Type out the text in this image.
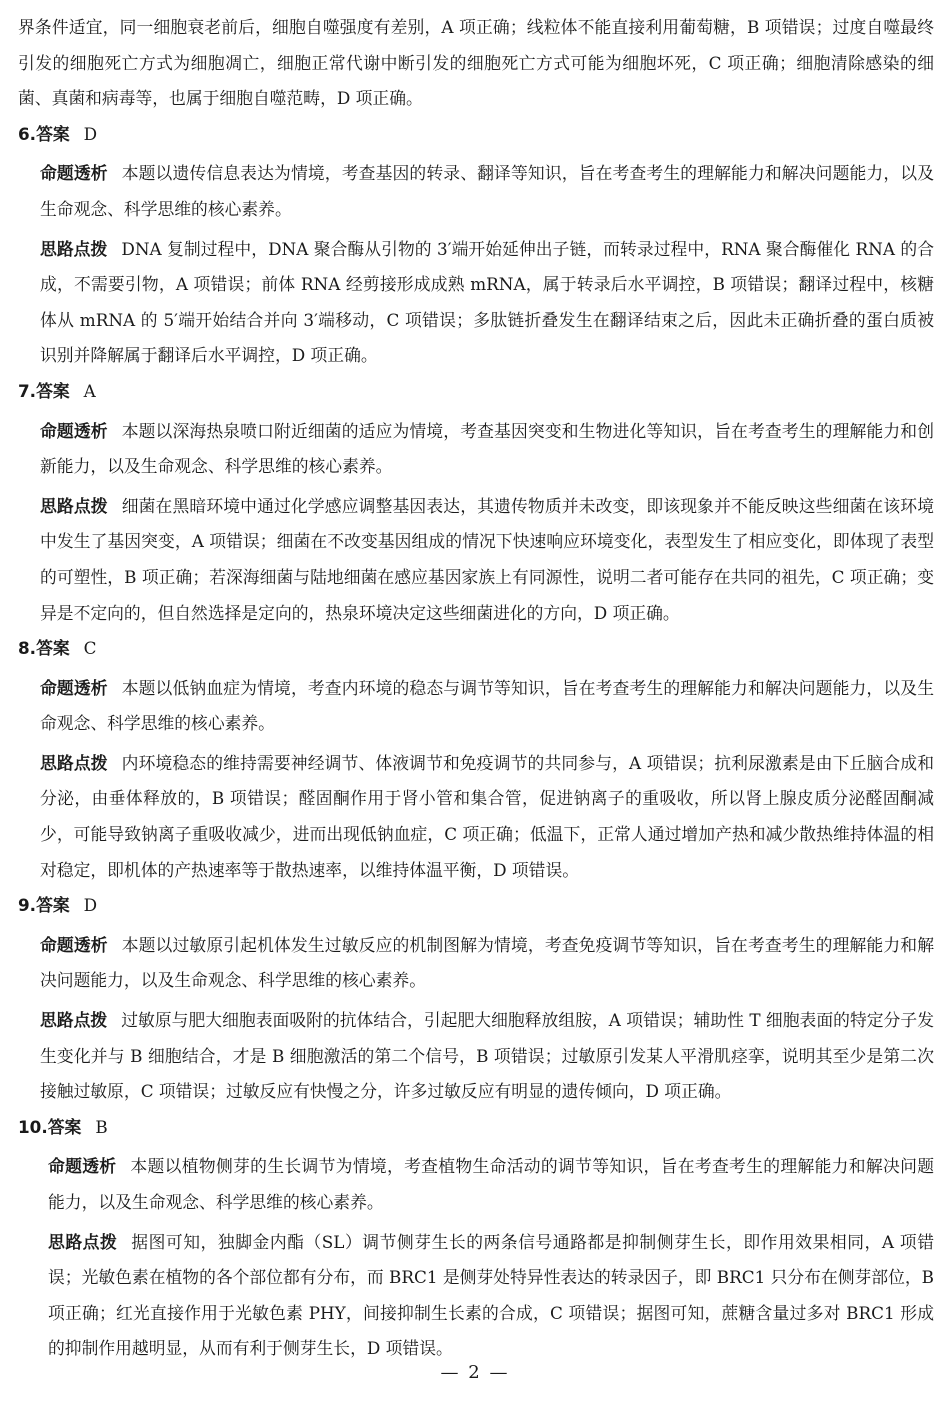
界条件适宜，同一细胞衰老前后，细胞自噬强度有差别，A 项正确；线粒体不能直接利用葡萄糖，B 项错误；过度自噬最终引发的细胞死亡方式为细胞凋亡，细胞正常代谢中断引发的细胞死亡方式可能为细胞坏死，C 项正确；细胞清除感染的细菌、真菌和病毒等，也属于细胞自噬范畴，D 项正确。

6.答案 D

命题透析 本题以遗传信息表达为情境，考查基因的转录、翻译等知识，旨在考查考生的理解能力和解决问题能力，以及生命观念、科学思维的核心素养。

思路点拨 DNA 复制过程中，DNA 聚合酶从引物的 3′端开始延伸出子链，而转录过程中，RNA 聚合酶催化 RNA 的合成，不需要引物，A 项错误；前体 RNA 经剪接形成成熟 mRNA，属于转录后水平调控，B 项错误；翻译过程中，核糖体从 mRNA 的 5′端开始结合并向 3′端移动，C 项错误；多肽链折叠发生在翻译结束之后，因此未正确折叠的蛋白质被识别并降解属于翻译后水平调控，D 项正确。

7.答案 A

命题透析 本题以深海热泉喷口附近细菌的适应为情境，考查基因突变和生物进化等知识，旨在考查考生的理解能力和创新能力，以及生命观念、科学思维的核心素养。

思路点拨 细菌在黑暗环境中通过化学感应调整基因表达，其遗传物质并未改变，即该现象并不能反映这些细菌在该环境中发生了基因突变，A 项错误；细菌在不改变基因组成的情况下快速响应环境变化，表型发生了相应变化，即体现了表型的可塑性，B 项正确；若深海细菌与陆地细菌在感应基因家族上有同源性，说明二者可能存在共同的祖先，C 项正确；变异是不定向的，但自然选择是定向的，热泉环境决定这些细菌进化的方向，D 项正确。

8.答案 C

命题透析 本题以低钠血症为情境，考查内环境的稳态与调节等知识，旨在考查考生的理解能力和解决问题能力，以及生命观念、科学思维的核心素养。

思路点拨 内环境稳态的维持需要神经调节、体液调节和免疫调节的共同参与，A 项错误；抗利尿激素是由下丘脑合成和分泌，由垂体释放的，B 项错误；醛固酮作用于肾小管和集合管，促进钠离子的重吸收，所以肾上腺皮质分泌醛固酮减少，可能导致钠离子重吸收减少，进而出现低钠血症，C 项正确；低温下，正常人通过增加产热和减少散热维持体温的相对稳定，即机体的产热速率等于散热速率，以维持体温平衡，D 项错误。

9.答案 D

命题透析 本题以过敏原引起机体发生过敏反应的机制图解为情境，考查免疫调节等知识，旨在考查考生的理解能力和解决问题能力，以及生命观念、科学思维的核心素养。

思路点拨 过敏原与肥大细胞表面吸附的抗体结合，引起肥大细胞释放组胺，A 项错误；辅助性 T 细胞表面的特定分子发生变化并与 B 细胞结合，才是 B 细胞激活的第二个信号，B 项错误；过敏原引发某人平滑肌痉挛，说明其至少是第二次接触过敏原，C 项错误；过敏反应有快慢之分，许多过敏反应有明显的遗传倾向，D 项正确。

10.答案 B

命题透析 本题以植物侧芽的生长调节为情境，考查植物生命活动的调节等知识，旨在考查考生的理解能力和解决问题能力，以及生命观念、科学思维的核心素养。

思路点拨 据图可知，独脚金内酯（SL）调节侧芽生长的两条信号通路都是抑制侧芽生长，即作用效果相同，A 项错误；光敏色素在植物的各个部位都有分布，而 BRC1 是侧芽处特异性表达的转录因子，即 BRC1 只分布在侧芽部位，B 项正确；红光直接作用于光敏色素 PHY，间接抑制生长素的合成，C 项错误；据图可知，蔗糖含量过多对 BRC1 形成的抑制作用越明显，从而有利于侧芽生长，D 项错误。

— 2 —
